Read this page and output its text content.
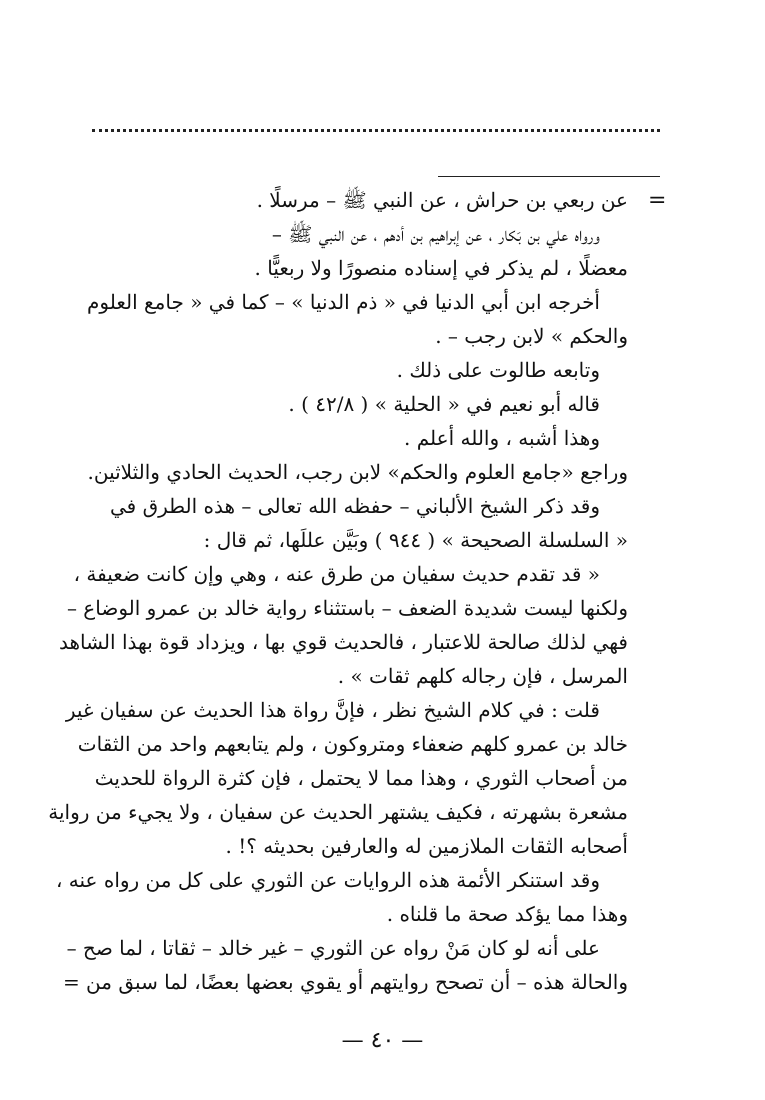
=
عن ربعي بن حراش ، عن النبي ﷺ – مرسلًا .
ورواه علي بن بَكار ، عن إبراهيم بن أدهم ، عن النبي ﷺ –
معضلًا ، لم يذكر في إسناده منصورًا ولا ربعيًّا .
أخرجه ابن أبي الدنيا في « ذم الدنيا » – كما في « جامع العلوم
والحكم » لابن رجب – .
وتابعه طالوت على ذلك .
قاله أبو نعيم في « الحلية » ( ٤٢/٨ ) .
وهذا أشبه ، والله أعلم .
وراجع «جامع العلوم والحكم» لابن رجب، الحديث الحادي والثلاثين.
وقد ذكر الشيخ الألباني – حفظه الله تعالى – هذه الطرق في
« السلسلة الصحيحة » ( ٩٤٤ ) وبَيَّن عللَها، ثم قال :
« قد تقدم حديث سفيان من طرق عنه ، وهي وإن كانت ضعيفة ،
ولكنها ليست شديدة الضعف – باستثناء رواية خالد بن عمرو الوضاع –
فهي لذلك صالحة للاعتبار ، فالحديث قوي بها ، ويزداد قوة بهذا الشاهد
المرسل ، فإن رجاله كلهم ثقات » .
قلت : في كلام الشيخ نظر ، فإنَّ رواة هذا الحديث عن سفيان غير
خالد بن عمرو كلهم ضعفاء ومتروكون ، ولم يتابعهم واحد من الثقات
من أصحاب الثوري ، وهذا مما لا يحتمل ، فإن كثرة الرواة للحديث
مشعرة بشهرته ، فكيف يشتهر الحديث عن سفيان ، ولا يجيء من رواية
أصحابه الثقات الملازمين له والعارفين بحديثه ؟! .
وقد استنكر الأئمة هذه الروايات عن الثوري على كل من رواه عنه ،
وهذا مما يؤكد صحة ما قلناه .
على أنه لو كان مَنْ رواه عن الثوري – غير خالد – ثقاتا ، لما صح –
والحالة هذه – أن تصحح روايتهم أو يقوي بعضها بعضًا، لما سبق من =
— ٤٠ —
